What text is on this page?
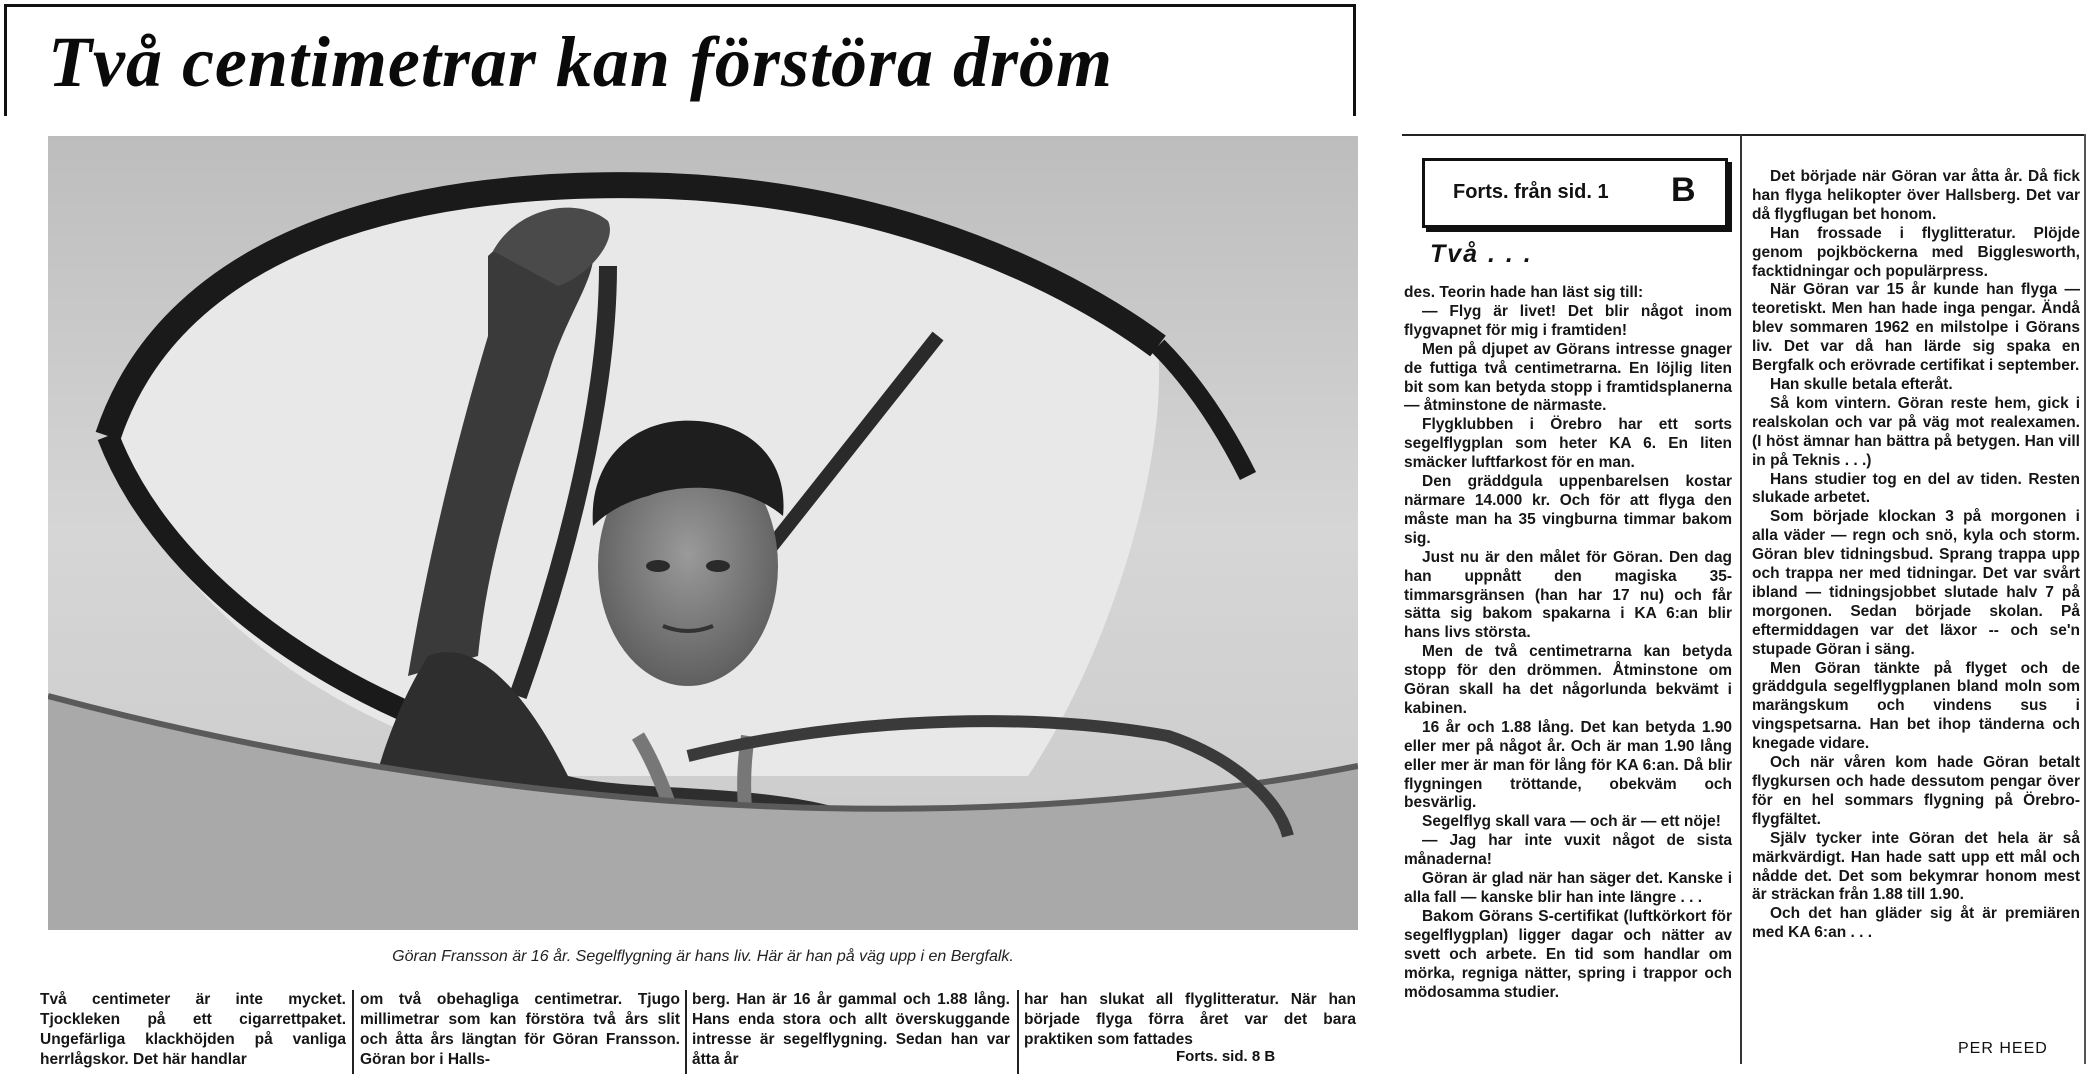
Två centimetrar kan förstöra dröm
Göran Fransson är 16 år. Segelflygning är hans liv. Här är han på väg upp i en Bergfalk.
Två centimeter är inte mycket. Tjockleken på ett cigarrettpaket. Ungefärliga klackhöjden på vanliga herrlågskor. Det här handlar
om två obehagliga centimetrar. Tjugo millimetrar som kan förstöra två års slit och åtta års längtan för Göran Fransson. Göran bor i Halls-
berg. Han är 16 år gammal och 1.88 lång. Hans enda stora och allt överskuggande intresse är segelflygning. Sedan han var åtta år
har han slukat all flyglitteratur. När han började flyga förra året var det bara praktiken som fattades
Forts. sid. 8 B
Forts. från sid. 1 B
Två . . .

des. Teorin hade han läst sig till:

— Flyg är livet! Det blir något inom flygvapnet för mig i framtiden!

Men på djupet av Görans intresse gnager de futtiga två centimetrarna. En löjlig liten bit som kan betyda stopp i framtidsplanerna — åtminstone de närmaste.

Flygklubben i Örebro har ett sorts segelflygplan som heter KA 6. En liten smäcker luftfarkost för en man.

Den gräddgula uppenbarelsen kostar närmare 14.000 kr. Och för att flyga den måste man ha 35 vingburna timmar bakom sig.

Just nu är den målet för Göran. Den dag han uppnått den magiska 35-timmarsgränsen (han har 17 nu) och får sätta sig bakom spakarna i KA 6:an blir hans livs största.

Men de två centimetrarna kan betyda stopp för den drömmen. Åtminstone om Göran skall ha det någorlunda bekvämt i kabinen.

16 år och 1.88 lång. Det kan betyda 1.90 eller mer på något år. Och är man 1.90 lång eller mer är man för lång för KA 6:an. Då blir flygningen tröttande, obekväm och besvärlig.

Segelflyg skall vara — och är — ett nöje!

— Jag har inte vuxit något de sista månaderna!

Göran är glad när han säger det. Kanske i alla fall — kanske blir han inte längre . . .

Bakom Görans S-certifikat (luftkörkort för segelflygplan) ligger dagar och nätter av svett och arbete. En tid som handlar om mörka, regniga nätter, spring i trappor och mödosamma studier.

Det började när Göran var åtta år. Då fick han flyga helikopter över Hallsberg. Det var då flygflugan bet honom.

Han frossade i flyglitteratur. Plöjde genom pojkböckerna med Bigglesworth, facktidningar och populärpress.

När Göran var 15 år kunde han flyga — teoretiskt. Men han hade inga pengar. Ändå blev sommaren 1962 en milstolpe i Görans liv. Det var då han lärde sig spaka en Bergfalk och erövrade certifikat i september.

Han skulle betala efteråt.

Så kom vintern. Göran reste hem, gick i realskolan och var på väg mot realexamen. (I höst ämnar han bättra på betygen. Han vill in på Teknis . . .)

Hans studier tog en del av tiden. Resten slukade arbetet.

Som började klockan 3 på morgonen i alla väder — regn och snö, kyla och storm. Göran blev tidningsbud. Sprang trappa upp och trappa ner med tidningar. Det var svårt ibland — tidningsjobbet slutade halv 7 på morgonen. Sedan började skolan. På eftermiddagen var det läxor -- och se'n stupade Göran i säng.

Men Göran tänkte på flyget och de gräddgula segelflygplanen bland moln som marängskum och vindens sus i vingspetsarna. Han bet ihop tänderna och knegade vidare.

Och när våren kom hade Göran betalt flygkursen och hade dessutom pengar över för en hel sommars flygning på Örebro-flygfältet.

Själv tycker inte Göran det hela är så märkvärdigt. Han hade satt upp ett mål och nådde det. Det som bekymrar honom mest är sträckan från 1.88 till 1.90.

Och det han gläder sig åt är premiären med KA 6:an . . .

PER HEED
